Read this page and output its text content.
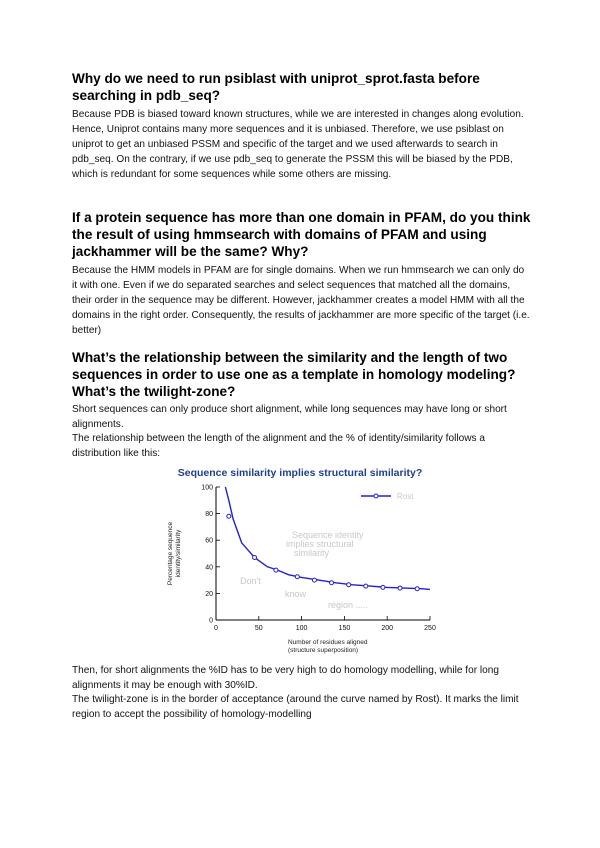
Why do we need to run psiblast with uniprot_sprot.fasta before searching in pdb_seq?

Because PDB is biased toward known structures, while we are interested in changes along evolution. Hence, Uniprot contains many more sequences and it is unbiased. Therefore, we use psiblast on uniprot to get an unbiased PSSM and specific of the target and we used afterwards to search in pdb_seq. On the contrary, if we use pdb_seq to generate the PSSM this will be biased by the PDB, which is redundant for some sequences while some others are missing.

If a protein sequence has more than one domain in PFAM, do you think the result of using hmmsearch with domains of PFAM and using jackhammer will be the same? Why?

Because the HMM models in PFAM are for single domains. When we run hmmsearch we can only do it with one. Even if we do separated searches and select sequences that matched all the domains, their order in the sequence may be different. However, jackhammer creates a model HMM with all the domains in the right order. Consequently, the results of jackhammer are more specific of the target (i.e. better)

What’s the relationship between the similarity and the length of two sequences in order to use one as a template in homology modeling? What’s the twilight-zone?

Short sequences can only produce short alignment, while long sequences may have long or short alignments.

The relationship between the length of the alignment and the % of identity/similarity follows a distribution like this:

Sequence similarity implies structural similarity?
Percentage sequence identity/similarity	Sequence identity
implies structural
similarity
Don't
know
region .....
0
20
40
60
80
100
0	50	100	150	200	250
Rost
Number of residues aligned
(structure superposition)

Then, for short alignments the %ID has to be very high to do homology modelling, while for long alignments it may be enough with 30%ID.

The twilight-zone is in the border of acceptance (around the curve named by Rost). It marks the limit region to accept the possibility of homology-modelling
